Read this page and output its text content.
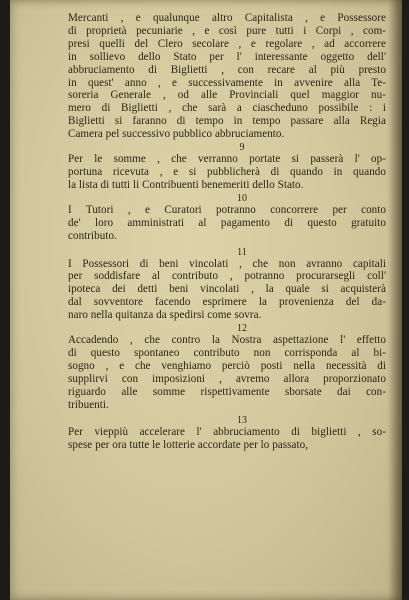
Mercanti , e qualunque altro Capitalista , e Possessore
di proprietà pecuniarie , e così pure tutti i Corpi , com-
presi quelli del Clero secolare , e regolare , ad accorrere
in sollievo dello Stato per l' interessante oggetto dell'
abbruciamento di Biglietti , con recare al più presto
in quest' anno , e successivamente in avvenire alla Te-
soreria Generale , od alle Provinciali quel maggior nu-
mero di Biglietti , che sarà a ciascheduno possibile : i
Biglietti si faranno di tempo in tempo passare alla Regia
Camera pel successivo pubblico abbruciamento.
9
Per le somme , che verranno portate si passerà l' op-
portuna ricevuta , e si pubblicherà di quando in quando
la lista di tutti li Contribuenti benemeriti dello Stato.
10
I Tutori , e Curatori potranno concorrere per conto
de' loro amministrati al pagamento di questo gratuito
contributo.
11
I Possessori di beni vincolati , che non avranno capitali
per soddisfare al contributo , potranno procurarsegli coll'
ipoteca dei detti beni vincolati , la quale si acquisterà
dal sovventore facendo esprimere la provenienza del da-
naro nella quitanza da spedirsi come sovra.
12
Accadendo , che contro la Nostra aspettazione l' effetto
di questo spontaneo contributo non corrisponda al bi-
sogno , e che venghiamo perciò posti nella necessità di
supplirvi con imposizioni , avremo allora proporzionato
riguardo alle somme rispettivamente sborsate dai con-
tribuenti.
13
Per vieppiù accelerare l' abbruciamento di biglietti , so-
spese per ora tutte le lotterie accordate per lo passato,
